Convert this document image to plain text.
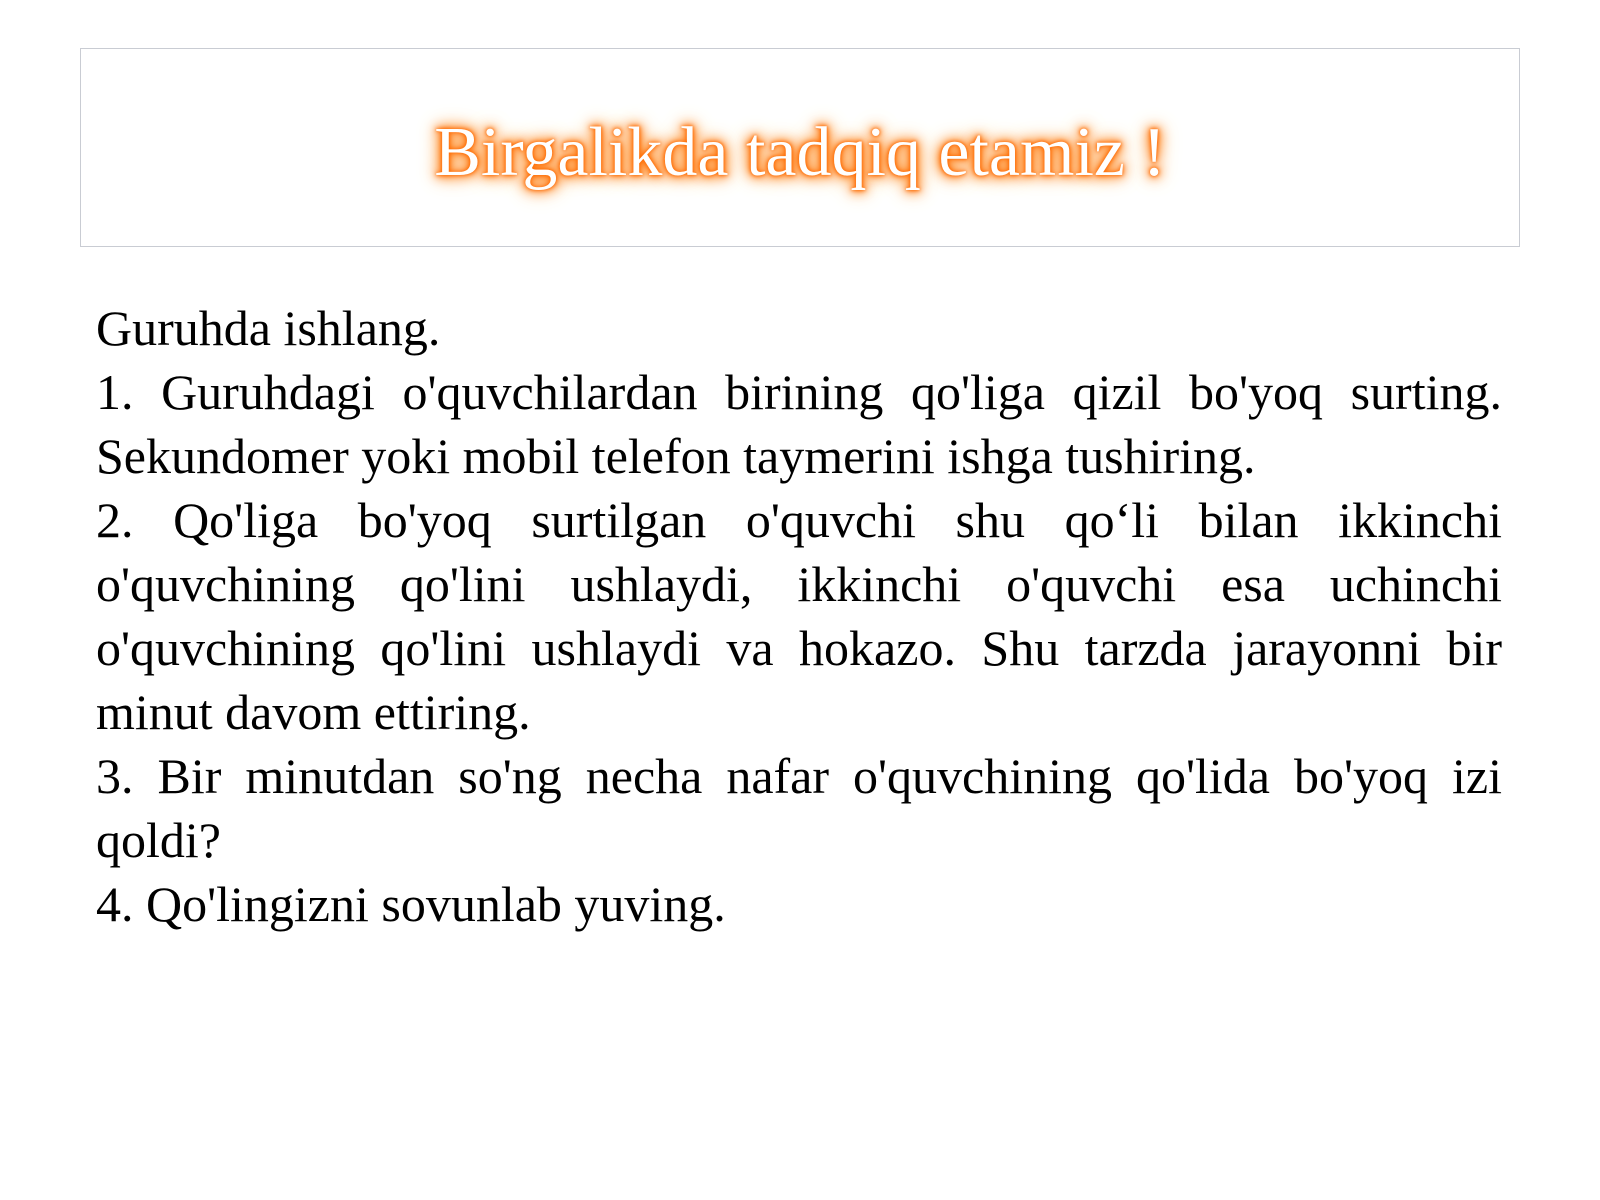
Birgalikda tadqiq etamiz !

Guruhda ishlang.

1. Guruhdagi o'quvchilardan birining qo'liga qizil bo'yoq surting. Sekundomer yoki mobil telefon taymerini ishga tushiring.

2. Qo'liga bo'yoq surtilgan o'quvchi shu qo‘li bilan ikkinchi o'quvchining qo'lini ushlaydi, ikkinchi o'quvchi esa uchinchi o'quvchining qo'lini ushlaydi va hokazo. Shu tarzda jarayonni bir minut davom ettiring.

3. Bir minutdan so'ng necha nafar o'quvchining qo'lida bo'yoq izi qoldi?

4. Qo'lingizni sovunlab yuving.
